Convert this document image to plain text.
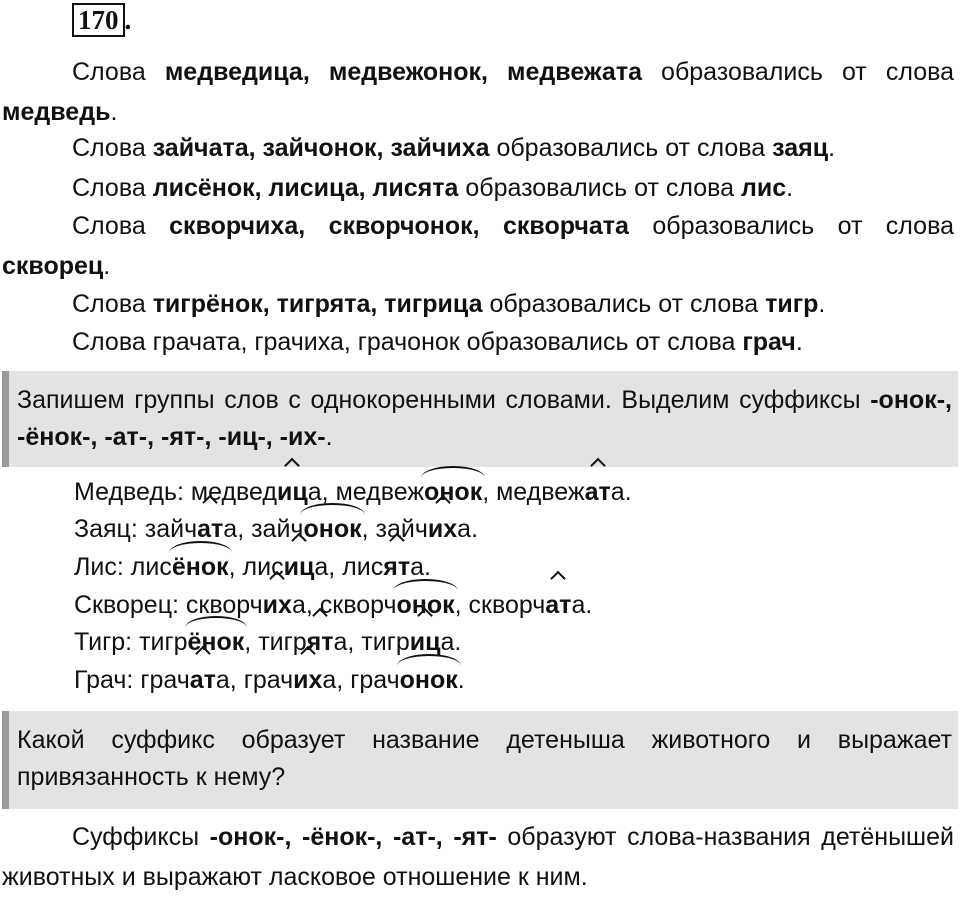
170 .

Слова медведица, медвежонок, медвежата образовались от слова медведь.

Слова зайчата, зайчонок, зайчиха образовались от слова заяц.

Слова лисёнок, лисица, лисята образовались от слова лис.

Слова скворчиха, скворчонок, скворчата образовались от слова скворец.

Слова тигрёнок, тигрята, тигрица образовались от слова тигр.

Слова грачата, грачиха, грачонок образовались от слова грач.

Запишем группы слов с однокоренными словами. Выделим суффиксы -онок-, -ёнок-, -ат-, -ят-, -иц-, -их-.

Медведь: медведиц
а, медвежонок
, медвежат
а.
Заяц: зайчат
а, зайчонок
, зайчих
а.
Лис: лисёнок
, лисиц
а, лисят
а.
Скворец: скворчих
а, скворчонок
, скворчат
а.
Тигр: тигрёнок
, тигрят
а, тигриц
а.
Грач: грачат
а, грачих
а, грачонок
.

Какой суффикс образует название детеныша животного и выражает привязанность к нему?

Суффиксы -онок-, -ёнок-, -ат-, -ят- образуют слова-названия детёнышей животных и выражают ласковое отношение к ним.
